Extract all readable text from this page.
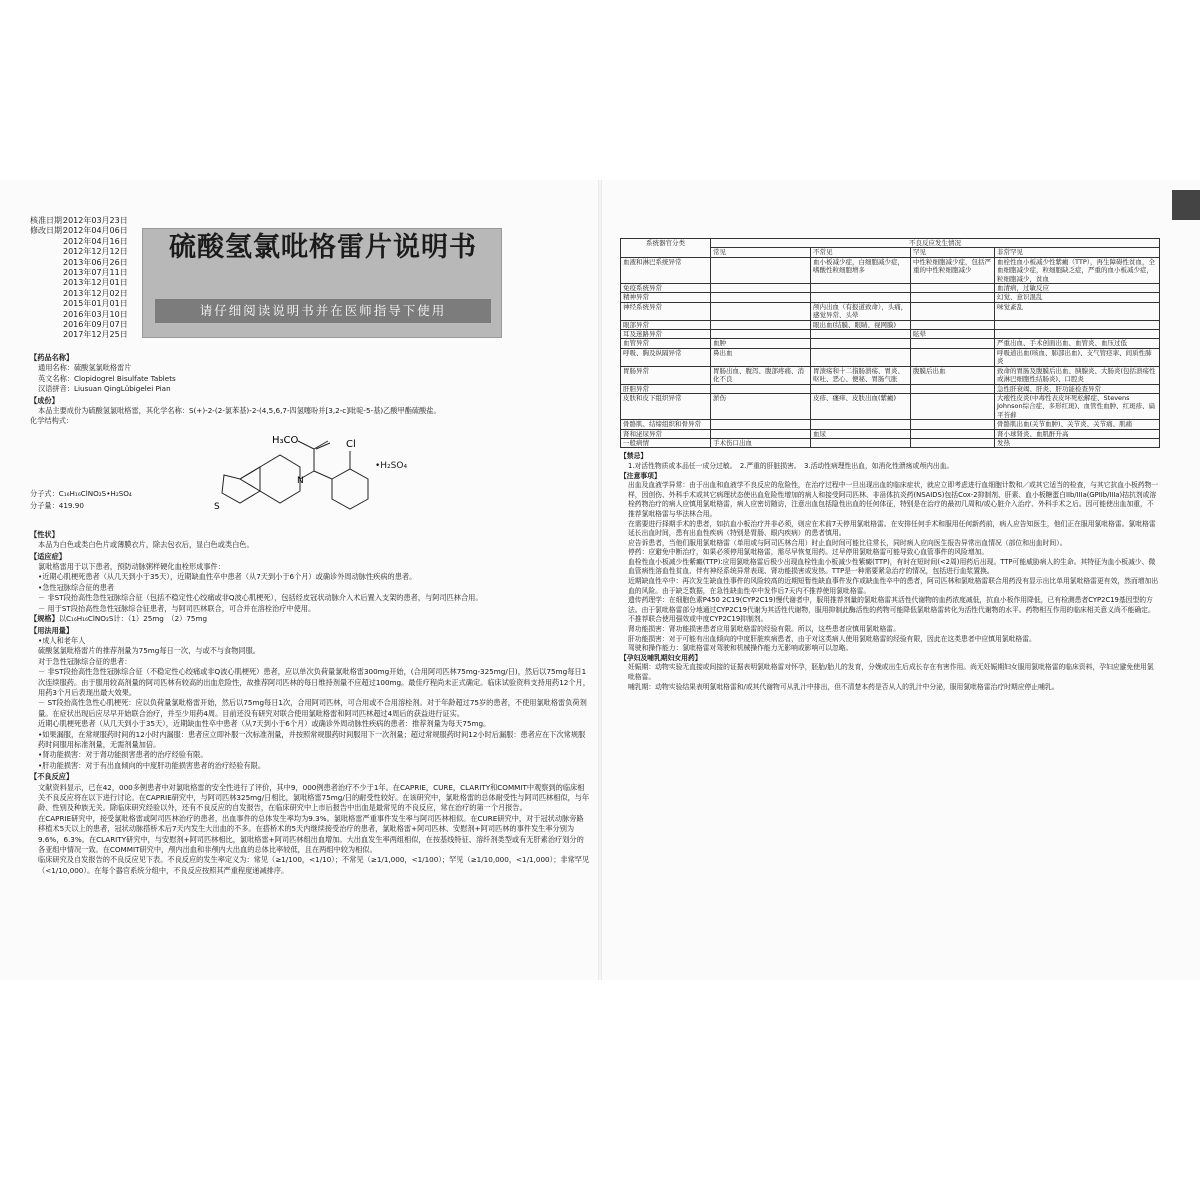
核准日期：2012年03月23日
修改日期：2012年04月06日
2012年04月16日
2012年12月12日
2013年06月26日
2013年07月11日
2013年12月01日
2013年12月02日
2015年01月01日
2016年03月10日
2016年09月07日
2017年12月25日
硫酸氢氯吡格雷片说明书
请仔细阅读说明书并在医师指导下使用
【药品名称】
通用名称：硫酸氢氯吡格雷片
英文名称：Clopidogrel Bisulfate Tablets
汉语拼音：Liusuan QingLübigelei Pian
【成份】
本品主要成份为硫酸氢氯吡格雷，其化学名称：S(+)-2-(2-氯苯基)-2-(4,5,6,7-四氢噻吩并[3,2-c]吡啶-5-基)乙酸甲酯硫酸盐。
化学结构式：
H₃CO	Cl
N
S
•H₂SO₄
分子式：C₁₆H₁₆ClNO₂S•H₂SO₄
分子量：419.90
【性状】
本品为白色或类白色片或薄膜衣片，除去包衣后，显白色或类白色。
【适应症】
氯吡格雷用于以下患者，预防动脉粥样硬化血栓形成事件：
•近期心肌梗死患者（从几天到小于35天），近期缺血性卒中患者（从7天到小于6个月）或确诊外周动脉性疾病的患者。
•急性冠脉综合征的患者
－ 非ST段抬高性急性冠脉综合征（包括不稳定性心绞痛或非Q波心肌梗死），包括经皮冠状动脉介入术后置入支架的患者，与阿司匹林合用。
－ 用于ST段抬高性急性冠脉综合征患者，与阿司匹林联合，可合并在溶栓治疗中使用。
【规格】以C₁₆H₁₆ClNO₂S计：（1）25mg　（2）75mg
【用法用量】
•成人和老年人
硫酸氢氯吡格雷片的推荐剂量为75mg每日一次，与或不与食物同服。
对于急性冠脉综合征的患者：
－ 非ST段抬高性急性冠脉综合征（不稳定性心绞痛或非Q波心肌梗死）患者，应以单次负荷量氯吡格雷300mg开始，(合用阿司匹林75mg-325mg/日)，然后以75mg每日1次连续服药。由于服用较高剂量的阿司匹林有较高的出血危险性，故推荐阿司匹林的每日维持剂量不应超过100mg。最佳疗程尚未正式确定。临床试验资料支持用药12个月，用药3个月后表现出最大效果。
－ ST段抬高性急性心肌梗死：应以负荷量氯吡格雷开始，然后以75mg每日1次，合用阿司匹林，可合用或不合用溶栓剂。对于年龄超过75岁的患者，不使用氯吡格雷负荷剂量。在症状出现后应尽早开始联合治疗，并至少用药4周。目前还没有研究对联合使用氯吡格雷和阿司匹林超过4周后的获益进行证实。
近期心肌梗死患者（从几天到小于35天），近期缺血性卒中患者（从7天到小于6个月）或确诊外周动脉性疾病的患者：推荐剂量为每天75mg。
•如果漏服，在常规服药时间的12小时内漏服：患者应立即补服一次标准剂量，并按照常规服药时间服用下一次剂量；超过常规服药时间12小时后漏服：患者应在下次常规服药时间服用标准剂量，无需剂量加倍。
•肾功能损害：对于肾功能损害患者的治疗经验有限。
•肝功能损害：对于有出血倾向的中度肝功能损害患者的治疗经验有限。
【不良反应】
文献资料显示，已在42，000多例患者中对氯吡格雷的安全性进行了评价，其中9，000例患者治疗不少于1年。在CAPRIE，CURE，CLARITY和COMMIT中观察到的临床相关不良反应将在以下进行讨论。在CAPRIE研究中，与阿司匹林325mg/日相比，氯吡格雷75mg/日的耐受性较好。在该研究中，氯吡格雷的总体耐受性与阿司匹林相似，与年龄、性别及种族无关。除临床研究经验以外，还有不良反应的自发报告，在临床研究中上市后报告中出血是最常见的不良反应，常在治疗的第一个月报告。
在CAPRIE研究中，接受氯吡格雷或阿司匹林治疗的患者，出血事件的总体发生率均为9.3%。氯吡格雷严重事件发生率与阿司匹林相似。在CURE研究中，对于冠状动脉旁路移植术5天以上的患者，冠状动脉搭桥术后7天内发生大出血的不多。在搭桥术的5天内继续接受治疗的患者，氯吡格雷+阿司匹林、安慰剂+阿司匹林的事件发生率分别为9.6%，6.3%。在CLARITY研究中，与安慰剂+阿司匹林相比，氯吡格雷+阿司匹林组出血增加。大出血发生率两组相似，在按基线特征、溶纤剂类型或有无肝素治疗划分的各亚组中情况一致。在COMMIT研究中，颅内出血和非颅内大出血的总体比率较低，且在两组中较为相似。
临床研究及自发报告的不良反应见下表。不良反应的发生率定义为：常见（≥1/100，<1/10）；不常见（≥1/1,000，<1/100）；罕见（≥1/10,000，<1/1,000）；非常罕见（<1/10,000）。在每个器官系统分组中，不良反应按照其严重程度递减排序。
系统器官分类	不良反应发生情况			
	常见	不常见	罕见	非常罕见
血液和淋巴系统异常		血小板减少症，白细胞减少症，嗜酸性粒细胞增多	中性粒细胞减少症，包括严重的中性粒细胞减少	血栓性血小板减少性紫癜（TTP），再生障碍性贫血，全血细胞减少症，粒细胞缺乏症，严重的血小板减少症，粒细胞减少，贫血
免疫系统异常				血清病，过敏反应
精神异常				幻觉、意识混乱
神经系统异常		颅内出血（有报道致命），头痛，感觉异常、头晕		味觉紊乱
眼部异常		眼出血(结膜、眼睛、视网膜)		
耳及迷路异常			眩晕	
血管异常	血肿			严重出血、手术创面出血、血管炎、血压过低
呼吸、胸及纵隔异常	鼻出血			呼吸道出血(咳血、肺部出血)、支气管痉挛、间质性肺炎
胃肠异常	胃肠出血、腹泻、腹部疼痛、消化不良	胃溃疡和十二指肠溃疡、胃炎、呕吐、恶心、便秘、胃肠气胀	腹膜后出血	致命的胃肠及腹膜后出血、胰腺炎、大肠炎(包括溃疡性或淋巴细胞性结肠炎)、口腔炎
肝胆异常				急性肝衰竭、肝炎、肝功能检查异常
皮肤和皮下组织异常	淤伤	皮疹、瘙痒、皮肤出血(紫癜)		大疱性皮炎(中毒性表皮坏死松解症、Stevens Johnson综合症、多形红斑)、血管性血肿、红斑疹、扁平苔藓
骨骼肌、结缔组织和骨异常				骨骼肌出血(关节血肿)、关节炎、关节痛、肌痛
肾和泌尿异常		血尿		肾小球肾炎、血肌酐升高
一般病情	手术伤口出血			发热
【禁忌】
1.对活性物质或本品任一成分过敏。　2.严重的肝脏损害。　3.活动性病理性出血，如消化性溃疡或颅内出血。
【注意事项】
出血及血液学异常：由于出血和血液学不良反应的危险性，在治疗过程中一旦出现出血的临床症状，就应立即考虑进行血细胞计数和／或其它适当的检查，与其它抗血小板药物一样，因创伤、外科手术或其它病理状态使出血危险性增加的病人和接受阿司匹林、非甾体抗炎药(NSAIDS)包括Cox-2抑制剂、肝素、血小板糖蛋白IIb/IIIa(GPIIb/IIIa)拮抗剂或溶栓药物治疗的病人应慎用氯吡格雷，病人应密切随访，注意出血包括隐性出血的任何体征，特别是在治疗的最初几周和/或心脏介入治疗、外科手术之后。因可能使出血加重，不推荐氯吡格雷与华法林合用。
在需要进行择期手术的患者，如抗血小板治疗并非必须，则应在术前7天停用氯吡格雷。在安排任何手术和服用任何新药前，病人应告知医生，他们正在服用氯吡格雷。氯吡格雷延长出血时间，患有出血性疾病（特别是胃肠、眼内疾病）的患者慎用。
应告诉患者，当他们服用氯吡格雷（单用或与阿司匹林合用）时止血时间可能比往常长，同时病人应向医生报告异常出血情况（部位和出血时间）。
停药：应避免中断治疗，如果必须停用氯吡格雷，需尽早恢复用药。过早停用氯吡格雷可能导致心血管事件的风险增加。
血栓性血小板减少性紫癜(TTP):应用氯吡格雷后极少出现血栓性血小板减少性紫癜(TTP)，有时在短时间(<2周)用药后出现。TTP可能威胁病人的生命。其特征为血小板减少、微血管病性溶血性贫血、伴有神经系统异常表现、肾功能损害或发热。TTP是一种需要紧急治疗的情况，包括进行血浆置换。
近期缺血性卒中：再次发生缺血性事件的风险较高的近期短暂性缺血事件发作或缺血性卒中的患者，阿司匹林和氯吡格雷联合用药没有显示出比单用氯吡格雷更有效，然而增加出血的风险。由于缺乏数据，在急性缺血性卒中发作后7天内不推荐使用氯吡格雷。
遗传药理学：在细胞色素P450 2C19(CYP2C19)慢代谢者中，服用推荐剂量的氯吡格雷其活性代谢物的血药浓度减低，抗血小板作用降低，已有检测患者CYP2C19基因型的方法。由于氯吡格雷部分地通过CYP2C19代谢为其活性代谢物，服用抑制此酶活性的药物可能降低氯吡格雷转化为活性代谢物的水平。药物相互作用的临床相关意义尚不能确定。不推荐联合使用强效或中度CYP2C19抑制剂。
肾功能损害：肾功能损害患者应用氯吡格雷的经验有限。所以，这些患者应慎用氯吡格雷。
肝功能损害：对于可能有出血倾向的中度肝脏疾病患者，由于对这类病人使用氯吡格雷的经验有限，因此在这类患者中应慎用氯吡格雷。
驾驶和操作能力：氯吡格雷对驾驶和机械操作能力无影响或影响可以忽略。
【孕妇及哺乳期妇女用药】
妊娠期：动物实验无直接或间接的证据表明氯吡格雷对怀孕，胚胎/胎儿的发育，分娩或出生后成长存在有害作用。尚无妊娠期妇女服用氯吡格雷的临床资料，孕妇应避免使用氯吡格雷。
哺乳期：动物实验结果表明氯吡格雷和/或其代谢物可从乳汁中排出，但不清楚本药是否从人的乳汁中分泌，服用氯吡格雷治疗时期应停止哺乳。
